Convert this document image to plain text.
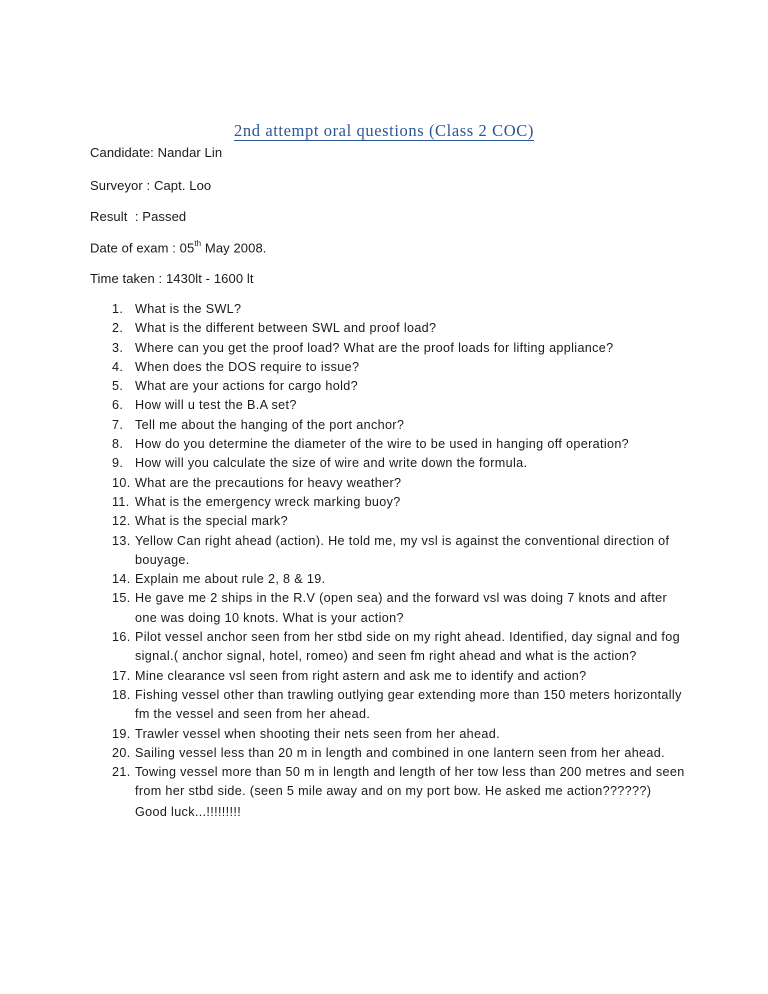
2nd attempt oral questions (Class 2 COC)
Candidate: Nandar Lin
Surveyor : Capt. Loo
Result  : Passed
Date of exam : 05th May 2008.
Time taken : 1430lt - 1600 lt
1. What is the SWL?
2. What is the different between SWL and proof load?
3. Where can you get the proof load? What are the proof loads for lifting appliance?
4. When does the DOS require to issue?
5. What are your actions for cargo hold?
6. How will u test the B.A set?
7. Tell me about the hanging of the port anchor?
8. How do you determine the diameter of the wire to be used in hanging off operation?
9. How will you calculate the size of wire and write down the formula.
10. What are the precautions for heavy weather?
11. What is the emergency wreck marking buoy?
12. What is the special mark?
13. Yellow Can right ahead (action). He told me, my vsl is against the conventional direction of bouyage.
14. Explain me about rule 2, 8 & 19.
15. He gave me 2 ships in the R.V (open sea) and the forward vsl was doing 7 knots and after one was doing 10 knots. What is your action?
16. Pilot vessel anchor seen from her stbd side on my right ahead. Identified, day signal and fog signal.( anchor signal, hotel, romeo) and seen fm right ahead and what is the action?
17. Mine clearance vsl seen from right astern and ask me to identify and action?
18. Fishing vessel other than trawling outlying gear extending more than 150 meters horizontally fm the vessel and seen from her ahead.
19. Trawler vessel when shooting their nets seen from her ahead.
20. Sailing vessel less than 20 m in length and combined in one lantern seen from her ahead.
21. Towing vessel more than 50 m in length and length of her tow less than 200 metres and seen from her stbd side. (seen 5 mile away and on my port bow. He asked me action??????)
Good luck...!!!!!!!!!
